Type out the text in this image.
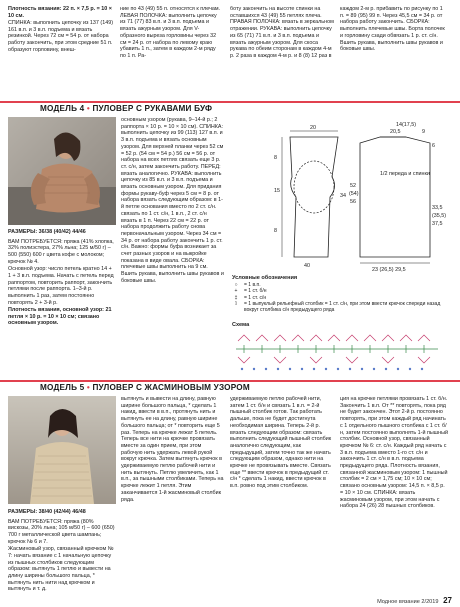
Плотность вязания: 22 п. × 7,5 р. = 10 × 10 см.

СПИНКА: выполнить цепочку из 137 (149) 161 в.п. и 3 в.п. подъема и вязать резинкой. Через 72 см = 54 р. от набора работу закончить, при этом средние 51 п. образуют горловину, внеш-

ние по 43 (49) 55 п. относятся к плечам. ЛЕВАЯ ПОЛОЧКА: выполнить цепочку из 71 (77) 83 в.п. и 3 в.п. подъема и вязать ажурным узором. Для V-образного выреза горловины через 32 см = 24 р. от набора по левому краю убавить 1 п., затем в каждом 2-м ряду по 1 п. Ра-

боту закончить на высоте спинки на оставшихся 43 (49) 55 петлях плеча. ПРАВАЯ ПОЛОЧКА: вязать в зеркальном отражении. РУКАВА: выполнить цепочку из 65 (71) 71 в.п. и 3 в.п. подъема и вязать ажурным узором. Для скоса рукава по обеим сторонам в каждом 4-м р. 2 раза в каждом 4-м р. и 8 (8) 12 раз в

каждом 2-м р. прибавить по рисунку по 1 п. = 89 (95) 99 п. Через 45,5 см = 34 р. от набора работу закончить. СБОРКА: выполнить плечевые швы. Борта полочек и горловину сзади обвязать 1 р. ст. с/н. Вшить рукава, выполнить швы рукавов и боковые швы.

МОДЕЛЬ 4 • ПУЛОВЕР С РУКАВАМИ БУФ

РАЗМЕРЫ: 36/38 (40/42) 44/46

ВАМ ПОТРЕБУЕТСЯ: пряжа (41% хлопка, 32% полиэстера, 27% льна; 125 м/50 г) – 500 (550) 600 г цвета кофе с молоком; крючок № 4.

Основной узор: число петель кратно 14 + 1 + 3 в.п. подъема. Начать с петель перед раппортом, повторить раппорт, закончить петлями после раппорта. 1–3-й р. выполнить 1 раз, затем постоянно повторять 2 + 3-й р.

Плотность вязания, основной узор: 21 петля × 10 р. = 10 × 10 см; связано основным узором.

основным узором (рукава, 9–14-й р.; 2 раппорта × 10 р. = 10 × 10 см). СПИНКА: выполнить цепочку из 99 (113) 127 в.п. и 3 в.п. подъема и вязать основным узором. Для верхней планки через 52 см = 52 р. (54 см = 54 р.) 56 см = 56 р. от набора на всех петлях связать еще 3 р. ст. с/н, затем закончить работу. ПЕРЕД: вязать аналогично. РУКАВА: выполнить цепочку из 85 в.п. и 3 в.п. подъема и вязать основным узором. Для придания формы рукаву-буф через 5 см = 8 р. от набора вязать следующим образом: в 1-й петле основания вместо по 2 ст. с/н. связать по 1 ст. с/н, 1 в.п., 2 ст. с/н вязать в 1 п. Через 22 см = 22 р. от набора продолжить работу снова первоначальным узором. Через 34 см = 34 р. от набора работу закончить 1 р. ст. с/н. Важно: формы буфа возникает за счет разных узоров и на выкройке показана в виде овала. СБОРКА: плечевые швы выполнить на 9 см. Вшить рукава, выполнить швы рукавов и боковые швы.

20
8
15
8
34
40
14(17,5)
20,5	9
1/2 переда и спинки
52
(54)
56
6
33,5
(35,5)
37,5
23 (26,5) 29,5
Условные обозначения
○	= 1 в.п.
+	= 1 ст. б/н
‡	= 1 ст. с/н
ʇ	= 1 выпуклый рельефный столбик = 1 ст. с/н, при этом ввести крючок спереди назад вокруг столбика с/н предыдущего ряда
Схема
МОДЕЛЬ 5 • ПУЛОВЕР С ЖАСМИНОВЫМ УЗОРОМ

РАЗМЕРЫ: 38/40 (42/44) 46/48

ВАМ ПОТРЕБУЕТСЯ: пряжа (80% вискозы, 20% льна; 105 м/50 г) – 600 (650) 700 г металлической цвета шампань; крючок № 6 и 7.

Жасминовый узор, связанный крючком № 7: начать вязание с 1 начальную цепочку из пышных столбиков следующим образом: вытянуть 1 петлю и вывести на длину ширины большого пальца, * вытянуть нить нити над крючком и вытянуть и т. д.

вытянуть и вывести на длину, равную ширине большого пальца, * сделать 1 накид, ввести в в.п., протянуть нить и вытянуть ее на длину, равную ширине большого пальца; от * повторить еще 5 раз. Теперь на крючке лежат 5 петель. Теперь все нити на крючке провязать вместе за один прием, при этом рабочую нить удержать левой рукой вокруг крючка. Затем вытянуть крючок в удерживаемую петлю рабочей нити и нить вытянуть. Петлю увеличить, как 1 в.п., за пышными столбиками. Теперь на крючке лежит 1 петля. Этим заканчивается 1-й жасминовый столбик ряда.

удерживаемую петлю рабочей нити, затем 1 ст. б/н и связать 1 в.п. = 2-й пышный столбик готов. Так работать дальше, пока не будет достигнута необходимая ширина. Теперь 2-й р. вязать следующим образом: связать выполнить следующий пышный столбик аналогично следующим, как предыдущий, затем точно так же начать следующим образом, однако нити на крючке не провязывать вместе. Связать еще ** ввести крючок в предыдущий ст. с/н * сделать 1 накид, ввести крючок в в.п. ровно под этим столбиком.

ция на крючке петлями провязать 1 ст. б/н. Закончить 1 в.п. От ** повторять, пока ряд не будет закончен. Этот 2-й р. постоянно повторять, при этом каждый ряд начинать с 1 отдельного пышного столбика с 1 ст. б/н, затем постоянно выполнять 1-й пышный столбик. Основной узор, связанный крючком № 6: ст. с/н. Каждый ряд начать с 3 в.п. подъема вместо 1-го ст. с/н и закончить 1 ст. с/н в в.п. подъема предыдущего ряда. Плотность вязания, связанной жасминовым узором: 1 пышный столбик = 2 см × 1,75 см; 10 × 10 см; связано основным узором: 14,5 п. × 8,5 р. = 10 × 10 см. СПИНКА: вязать жасминовым узором, при этом начать с набора 24 (26) 28 пышных столбиков.

Модное вязание 2/2019 27
